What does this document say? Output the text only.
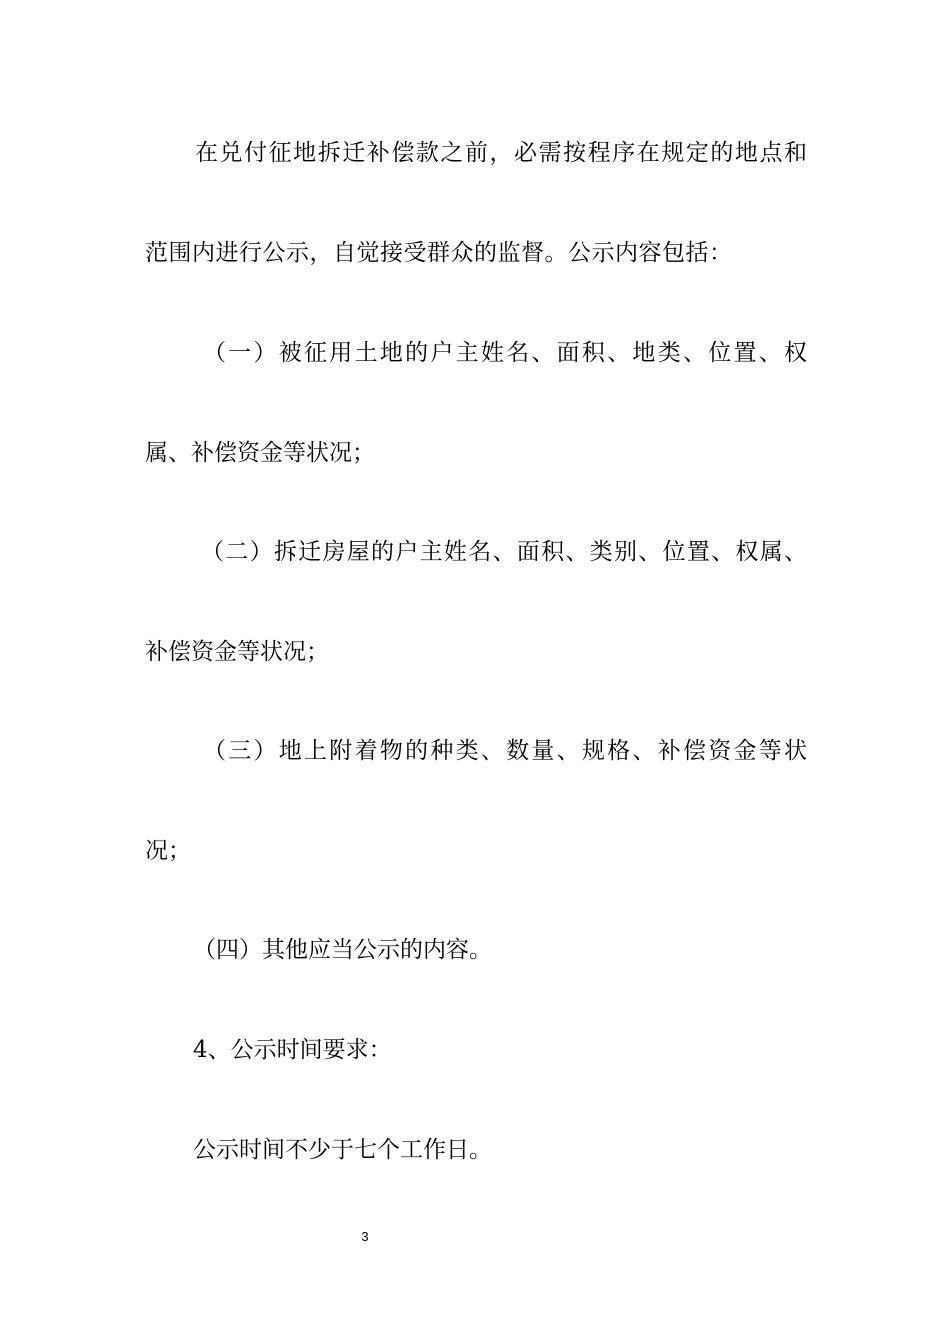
在兑付征地拆迁补偿款之前，必需按程序在规定的地点和
范围内进行公示，自觉接受群众的监督。公示内容包括：
（一）被征用土地的户主姓名、面积、地类、位置、权
属、补偿资金等状况；
（二）拆迁房屋的户主姓名、面积、类别、位置、权属、
补偿资金等状况；
（三）地上附着物的种类、数量、规格、补偿资金等状
况；
（四）其他应当公示的内容。
4、公示时间要求：
公示时间不少于七个工作日。
3
